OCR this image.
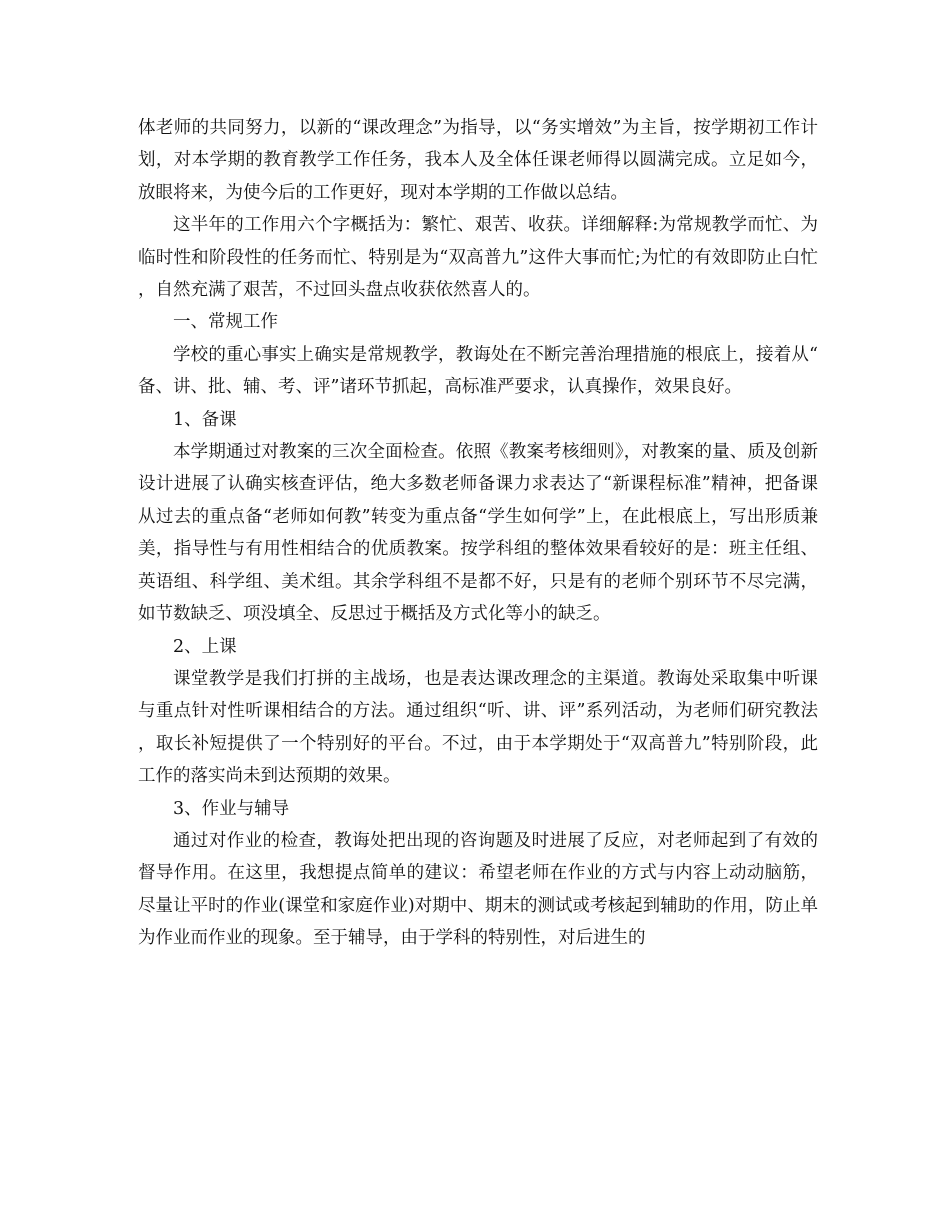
体老师的共同努力，以新的“课改理念”为指导，以“务实增效”为主旨，按学期初工作计划，对本学期的教育教学工作任务，我本人及全体任课老师得以圆满完成。立足如今，放眼将来，为使今后的工作更好，现对本学期的工作做以总结。

这半年的工作用六个字概括为：繁忙、艰苦、收获。详细解释:为常规教学而忙、为临时性和阶段性的任务而忙、特别是为“双高普九”这件大事而忙;为忙的有效即防止白忙，自然充满了艰苦，不过回头盘点收获依然喜人的。

一、常规工作

学校的重心事实上确实是常规教学，教诲处在不断完善治理措施的根底上，接着从“备、讲、批、辅、考、评”诸环节抓起，高标准严要求，认真操作，效果良好。

1、备课

本学期通过对教案的三次全面检查。依照《教案考核细则》，对教案的量、质及创新设计进展了认确实核查评估，绝大多数老师备课力求表达了“新课程标准”精神，把备课从过去的重点备“老师如何教”转变为重点备“学生如何学”上，在此根底上，写出形质兼美，指导性与有用性相结合的优质教案。按学科组的整体效果看较好的是：班主任组、英语组、科学组、美术组。其余学科组不是都不好，只是有的老师个别环节不尽完满，如节数缺乏、项没填全、反思过于概括及方式化等小的缺乏。

2、上课

课堂教学是我们打拼的主战场，也是表达课改理念的主渠道。教诲处采取集中听课与重点针对性听课相结合的方法。通过组织“听、讲、评”系列活动，为老师们研究教法，取长补短提供了一个特别好的平台。不过，由于本学期处于“双高普九”特别阶段，此工作的落实尚未到达预期的效果。

3、作业与辅导

通过对作业的检查，教诲处把出现的咨询题及时进展了反应，对老师起到了有效的督导作用。在这里，我想提点简单的建议：希望老师在作业的方式与内容上动动脑筋，尽量让平时的作业(课堂和家庭作业)对期中、期末的测试或考核起到辅助的作用，防止单为作业而作业的现象。至于辅导，由于学科的特别性，对后进生的
